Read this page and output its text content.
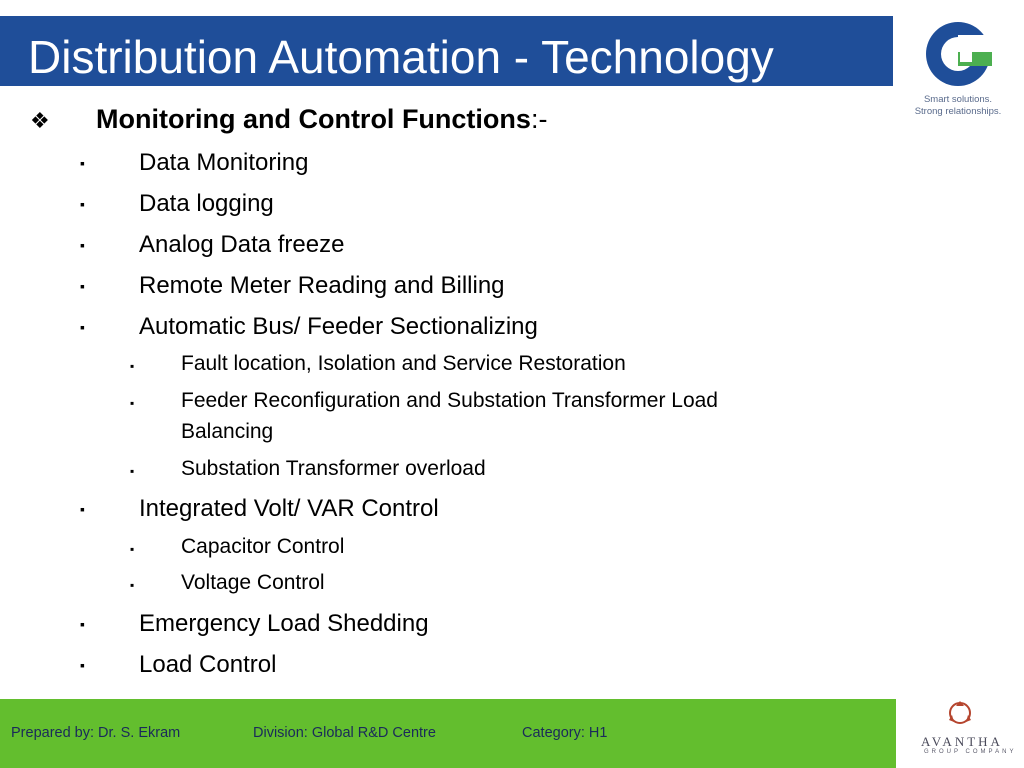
Distribution Automation - Technology
Smart solutions.
Strong relationships.
❖ Monitoring and Control Functions:-
▪ Data Monitoring
▪ Data logging
▪ Analog Data freeze
▪ Remote Meter Reading and Billing
▪ Automatic Bus/ Feeder Sectionalizing
▪ Fault location, Isolation and Service Restoration
▪ Feeder Reconfiguration and Substation Transformer Load
Balancing
▪ Substation Transformer overload
▪ Integrated Volt/ VAR Control
▪ Capacitor Control
▪ Voltage Control
▪ Emergency Load Shedding
▪ Load Control
Prepared by: Dr. S. Ekram	Division: Global R&D Centre	Category: H1
AVANTHA
GROUP COMPANY
